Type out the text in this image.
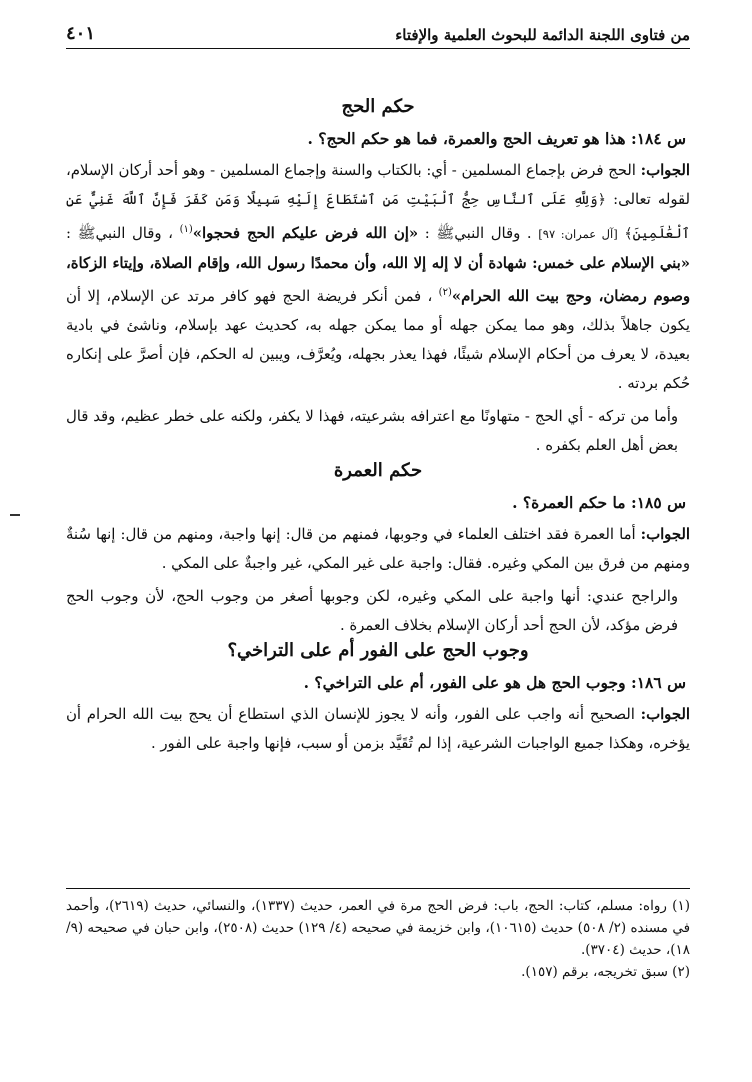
من فتاوى اللجنة الدائمة للبحوث العلمية والإفتاء
٤٠١
حكم الحج
س ١٨٤: هذا هو تعريف الحج والعمرة، فما هو حكم الحج؟ .

الجواب: الحج فرض بإجماع المسلمين - أي: بالكتاب والسنة وإجماع المسلمين - وهو أحد أركان الإسلام، لقوله تعالى: ﴿وَلِلَّهِ عَلَى ٱلنَّاسِ حِجُّ ٱلْبَيْتِ مَنِ ٱسْتَطَاعَ إِلَيْهِ سَبِيلًا وَمَن كَفَرَ فَإِنَّ ٱللَّهَ غَنِيٌّ عَنِ ٱلْعَٰلَمِينَ﴾ [آل عمران: ٩٧] . وقال النبيﷺ : «إن الله فرض عليكم الحج فحجوا»$^{(١)}$ ، وقال النبيﷺ : «بني الإسلام على خمس: شهادة أن لا إله إلا الله، وأن محمدًا رسول الله، وإقام الصلاة، وإيتاء الزكاة، وصوم رمضان، وحج بيت الله الحرام»$^{(٢)}$ ، فمن أنكر فريضة الحج فهو كافر مرتد عن الإسلام، إلا أن يكون جاهلاً بذلك، وهو مما يمكن جهله أو مما يمكن جهله به، كحديث عهد بإسلام، وناشئ في بادية بعيدة، لا يعرف من أحكام الإسلام شيئًا، فهذا يعذر بجهله، ويُعرَّف، ويبين له الحكم، فإن أصرَّ على إنكاره حُكم بردته .

وأما من تركه - أي الحج - متهاونًا مع اعترافه بشرعيته، فهذا لا يكفر، ولكنه على خطر عظيم، وقد قال بعض أهل العلم بكفره .

حكم العمرة
س ١٨٥: ما حكم العمرة؟ .

الجواب: أما العمرة فقد اختلف العلماء في وجوبها، فمنهم من قال: إنها واجبة، ومنهم من قال: إنها سُنةٌ ومنهم من فرق بين المكي وغيره. فقال: واجبة على غير المكي، غير واجبةٌ على المكي .

والراجح عندي: أنها واجبة على المكي وغيره، لكن وجوبها أصغر من وجوب الحج، لأن وجوب الحج فرض مؤكد، لأن الحج أحد أركان الإسلام بخلاف العمرة .

وجوب الحج على الفور أم على التراخي؟
س ١٨٦: وجوب الحج هل هو على الفور، أم على التراخي؟ .

الجواب: الصحيح أنه واجب على الفور، وأنه لا يجوز للإنسان الذي استطاع أن يحج بيت الله الحرام أن يؤخره، وهكذا جميع الواجبات الشرعية، إذا لم تُقَيَّد بزمن أو سبب، فإنها واجبة على الفور .

(١) رواه: مسلم، كتاب: الحج، باب: فرض الحج مرة في العمر، حديث (١٣٣٧)، والنسائي، حديث (٢٦١٩)، وأحمد في مسنده (٢/ ٥٠٨) حديث (١٠٦١٥)، وابن خزيمة في صحيحه (٤/ ١٢٩) حديث (٢٥٠٨)، وابن حبان في صحيحه (٩/ ١٨)، حديث (٣٧٠٤).

(٢) سبق تخريجه، برقم (١٥٧).
